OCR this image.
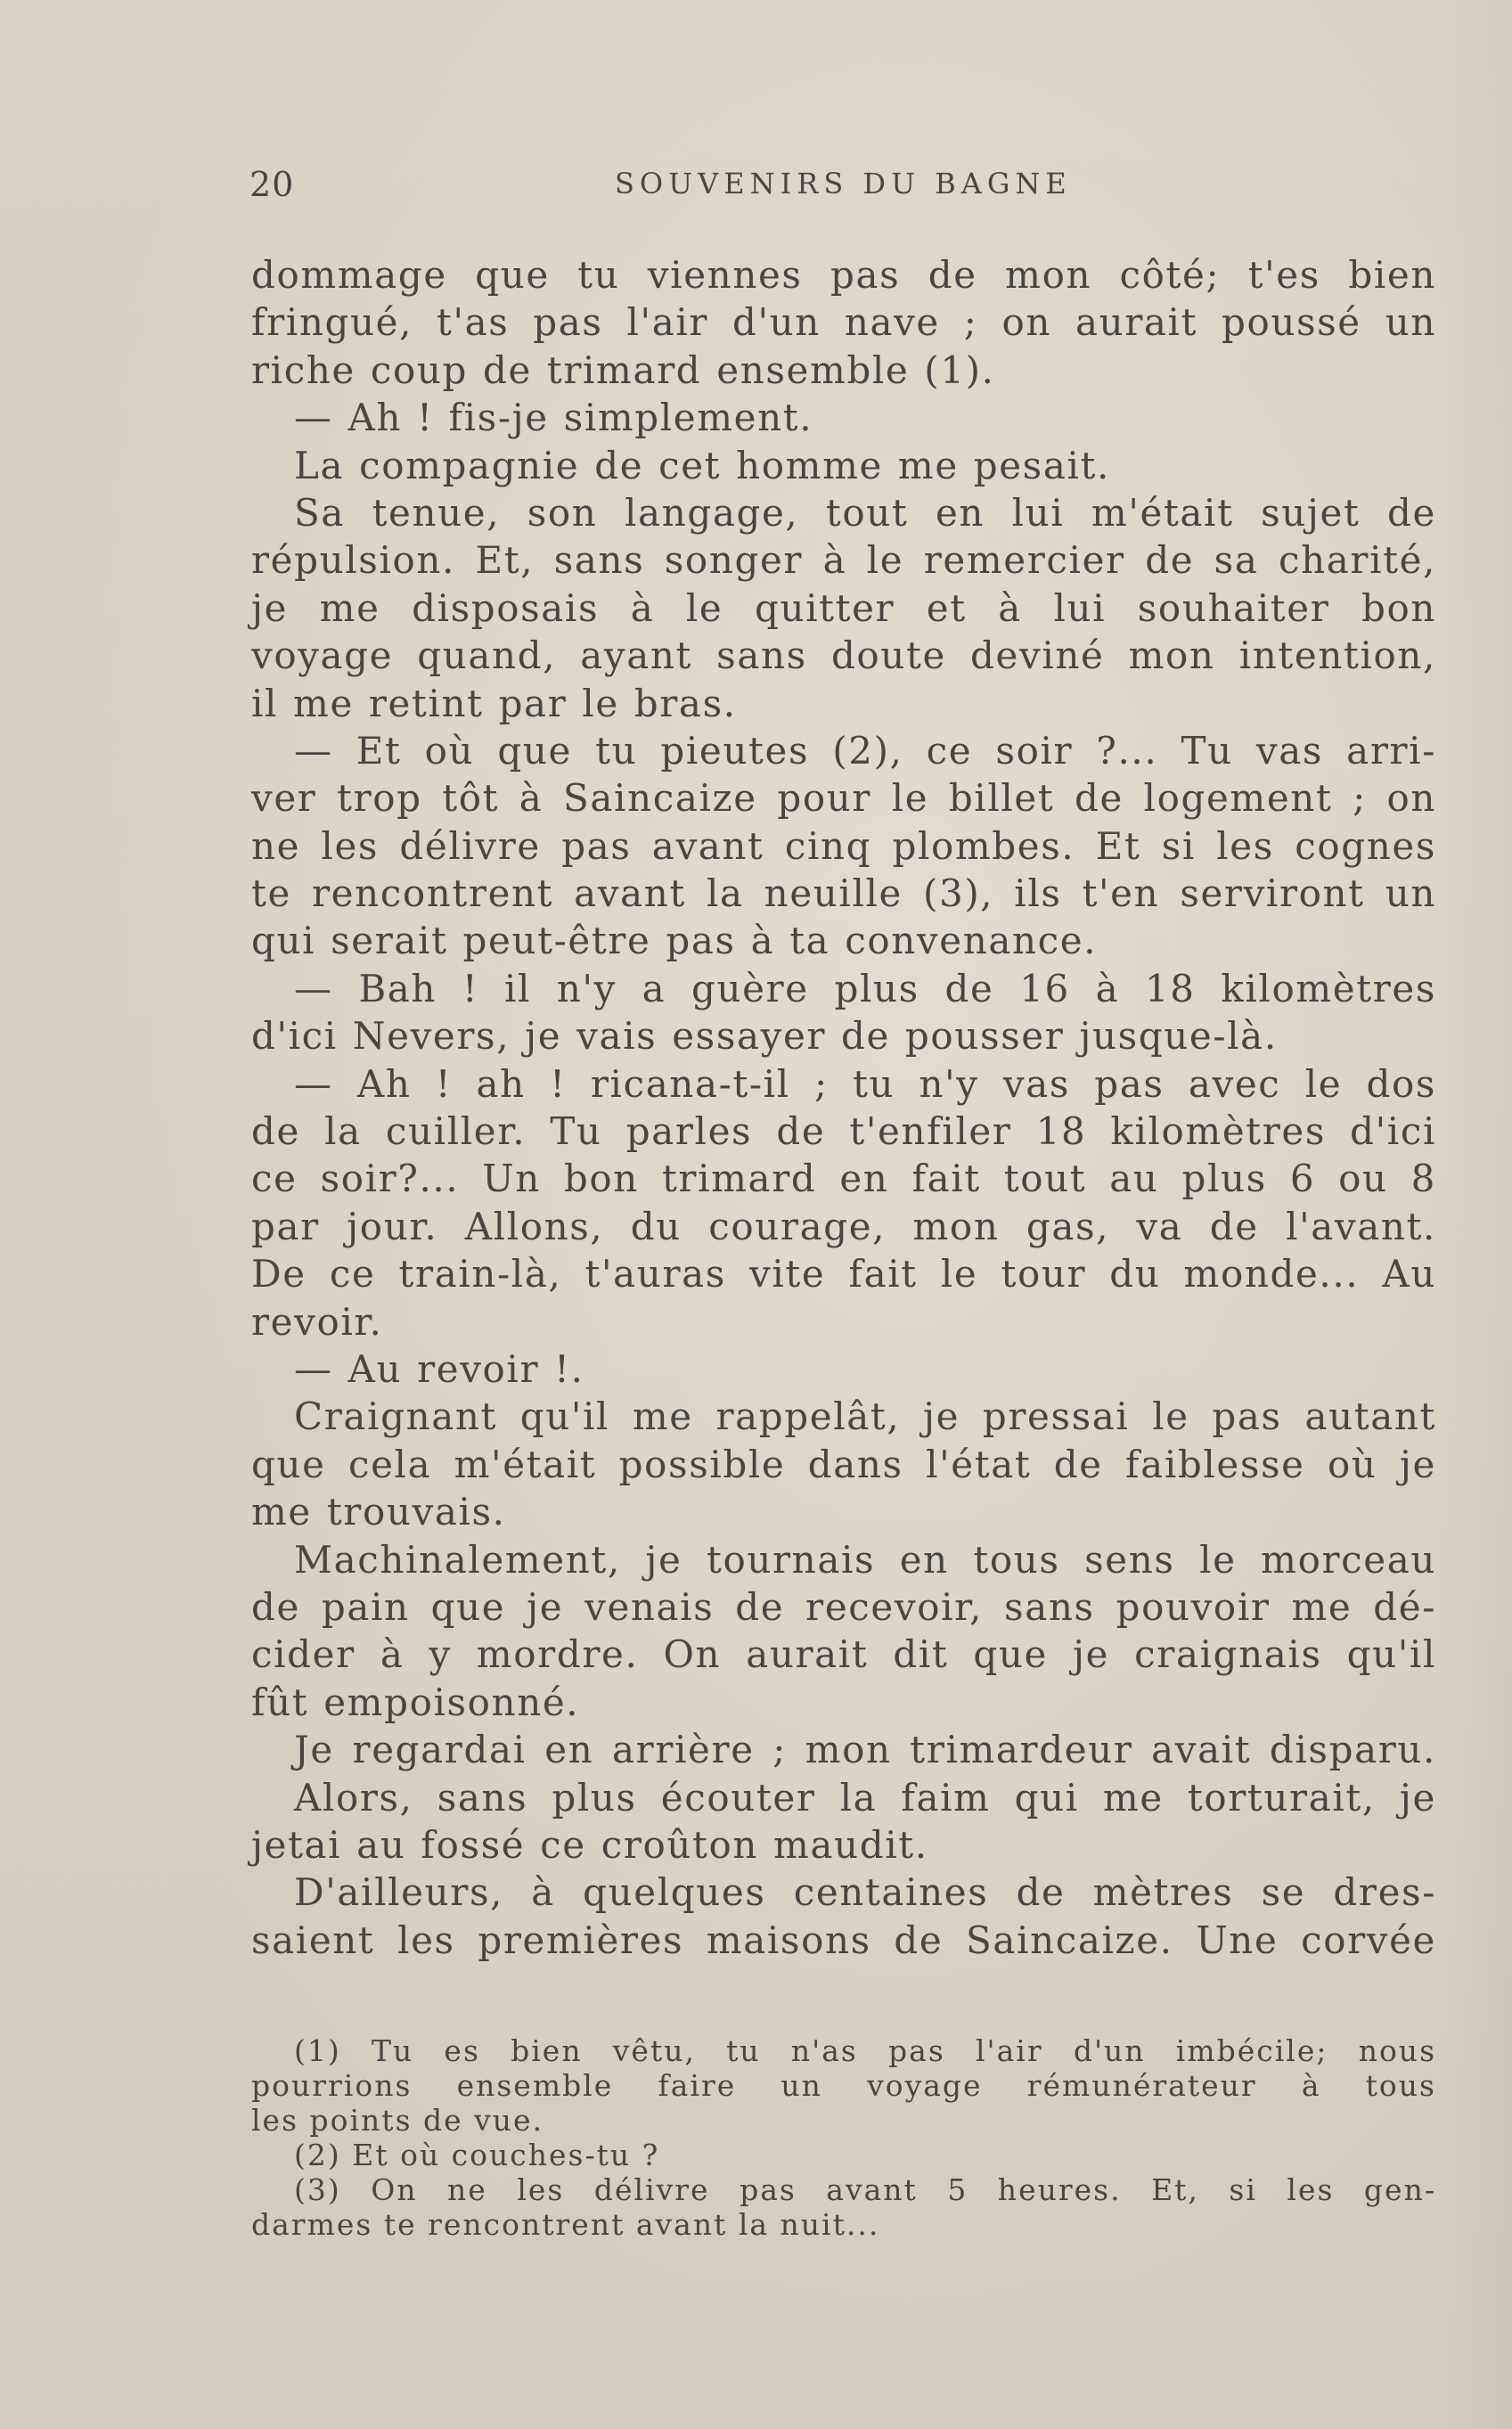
20	SOUVENIRS DU BAGNE
dommage que tu viennes pas de mon côté; t'es bien
fringué, t'as pas l'air d'un nave ; on aurait poussé un
riche coup de trimard ensemble (1).
— Ah ! fis-je simplement.
La compagnie de cet homme me pesait.
Sa tenue, son langage, tout en lui m'était sujet de
répulsion. Et, sans songer à le remercier de sa charité,
je me disposais à le quitter et à lui souhaiter bon
voyage quand, ayant sans doute deviné mon intention,
il me retint par le bras.
— Et où que tu pieutes (2), ce soir ?... Tu vas arri-
ver trop tôt à Saincaize pour le billet de logement ; on
ne les délivre pas avant cinq plombes. Et si les cognes
te rencontrent avant la neuille (3), ils t'en serviront un
qui serait peut-être pas à ta convenance.
— Bah ! il n'y a guère plus de 16 à 18 kilomètres
d'ici Nevers, je vais essayer de pousser jusque-là.
— Ah ! ah ! ricana-t-il ; tu n'y vas pas avec le dos
de la cuiller. Tu parles de t'enfiler 18 kilomètres d'ici
ce soir?... Un bon trimard en fait tout au plus 6 ou 8
par jour. Allons, du courage, mon gas, va de l'avant.
De ce train-là, t'auras vite fait le tour du monde... Au
revoir.
— Au revoir !.
Craignant qu'il me rappelât, je pressai le pas autant
que cela m'était possible dans l'état de faiblesse où je
me trouvais.
Machinalement, je tournais en tous sens le morceau
de pain que je venais de recevoir, sans pouvoir me dé-
cider à y mordre. On aurait dit que je craignais qu'il
fût empoisonné.
Je regardai en arrière ; mon trimardeur avait disparu.
Alors, sans plus écouter la faim qui me torturait, je
jetai au fossé ce croûton maudit.
D'ailleurs, à quelques centaines de mètres se dres-
saient les premières maisons de Saincaize. Une corvée
(1) Tu es bien vêtu, tu n'as pas l'air d'un imbécile; nous
pourrions ensemble faire un voyage rémunérateur à tous
les points de vue.
(2) Et où couches-tu ?
(3) On ne les délivre pas avant 5 heures. Et, si les gen-
darmes te rencontrent avant la nuit...
